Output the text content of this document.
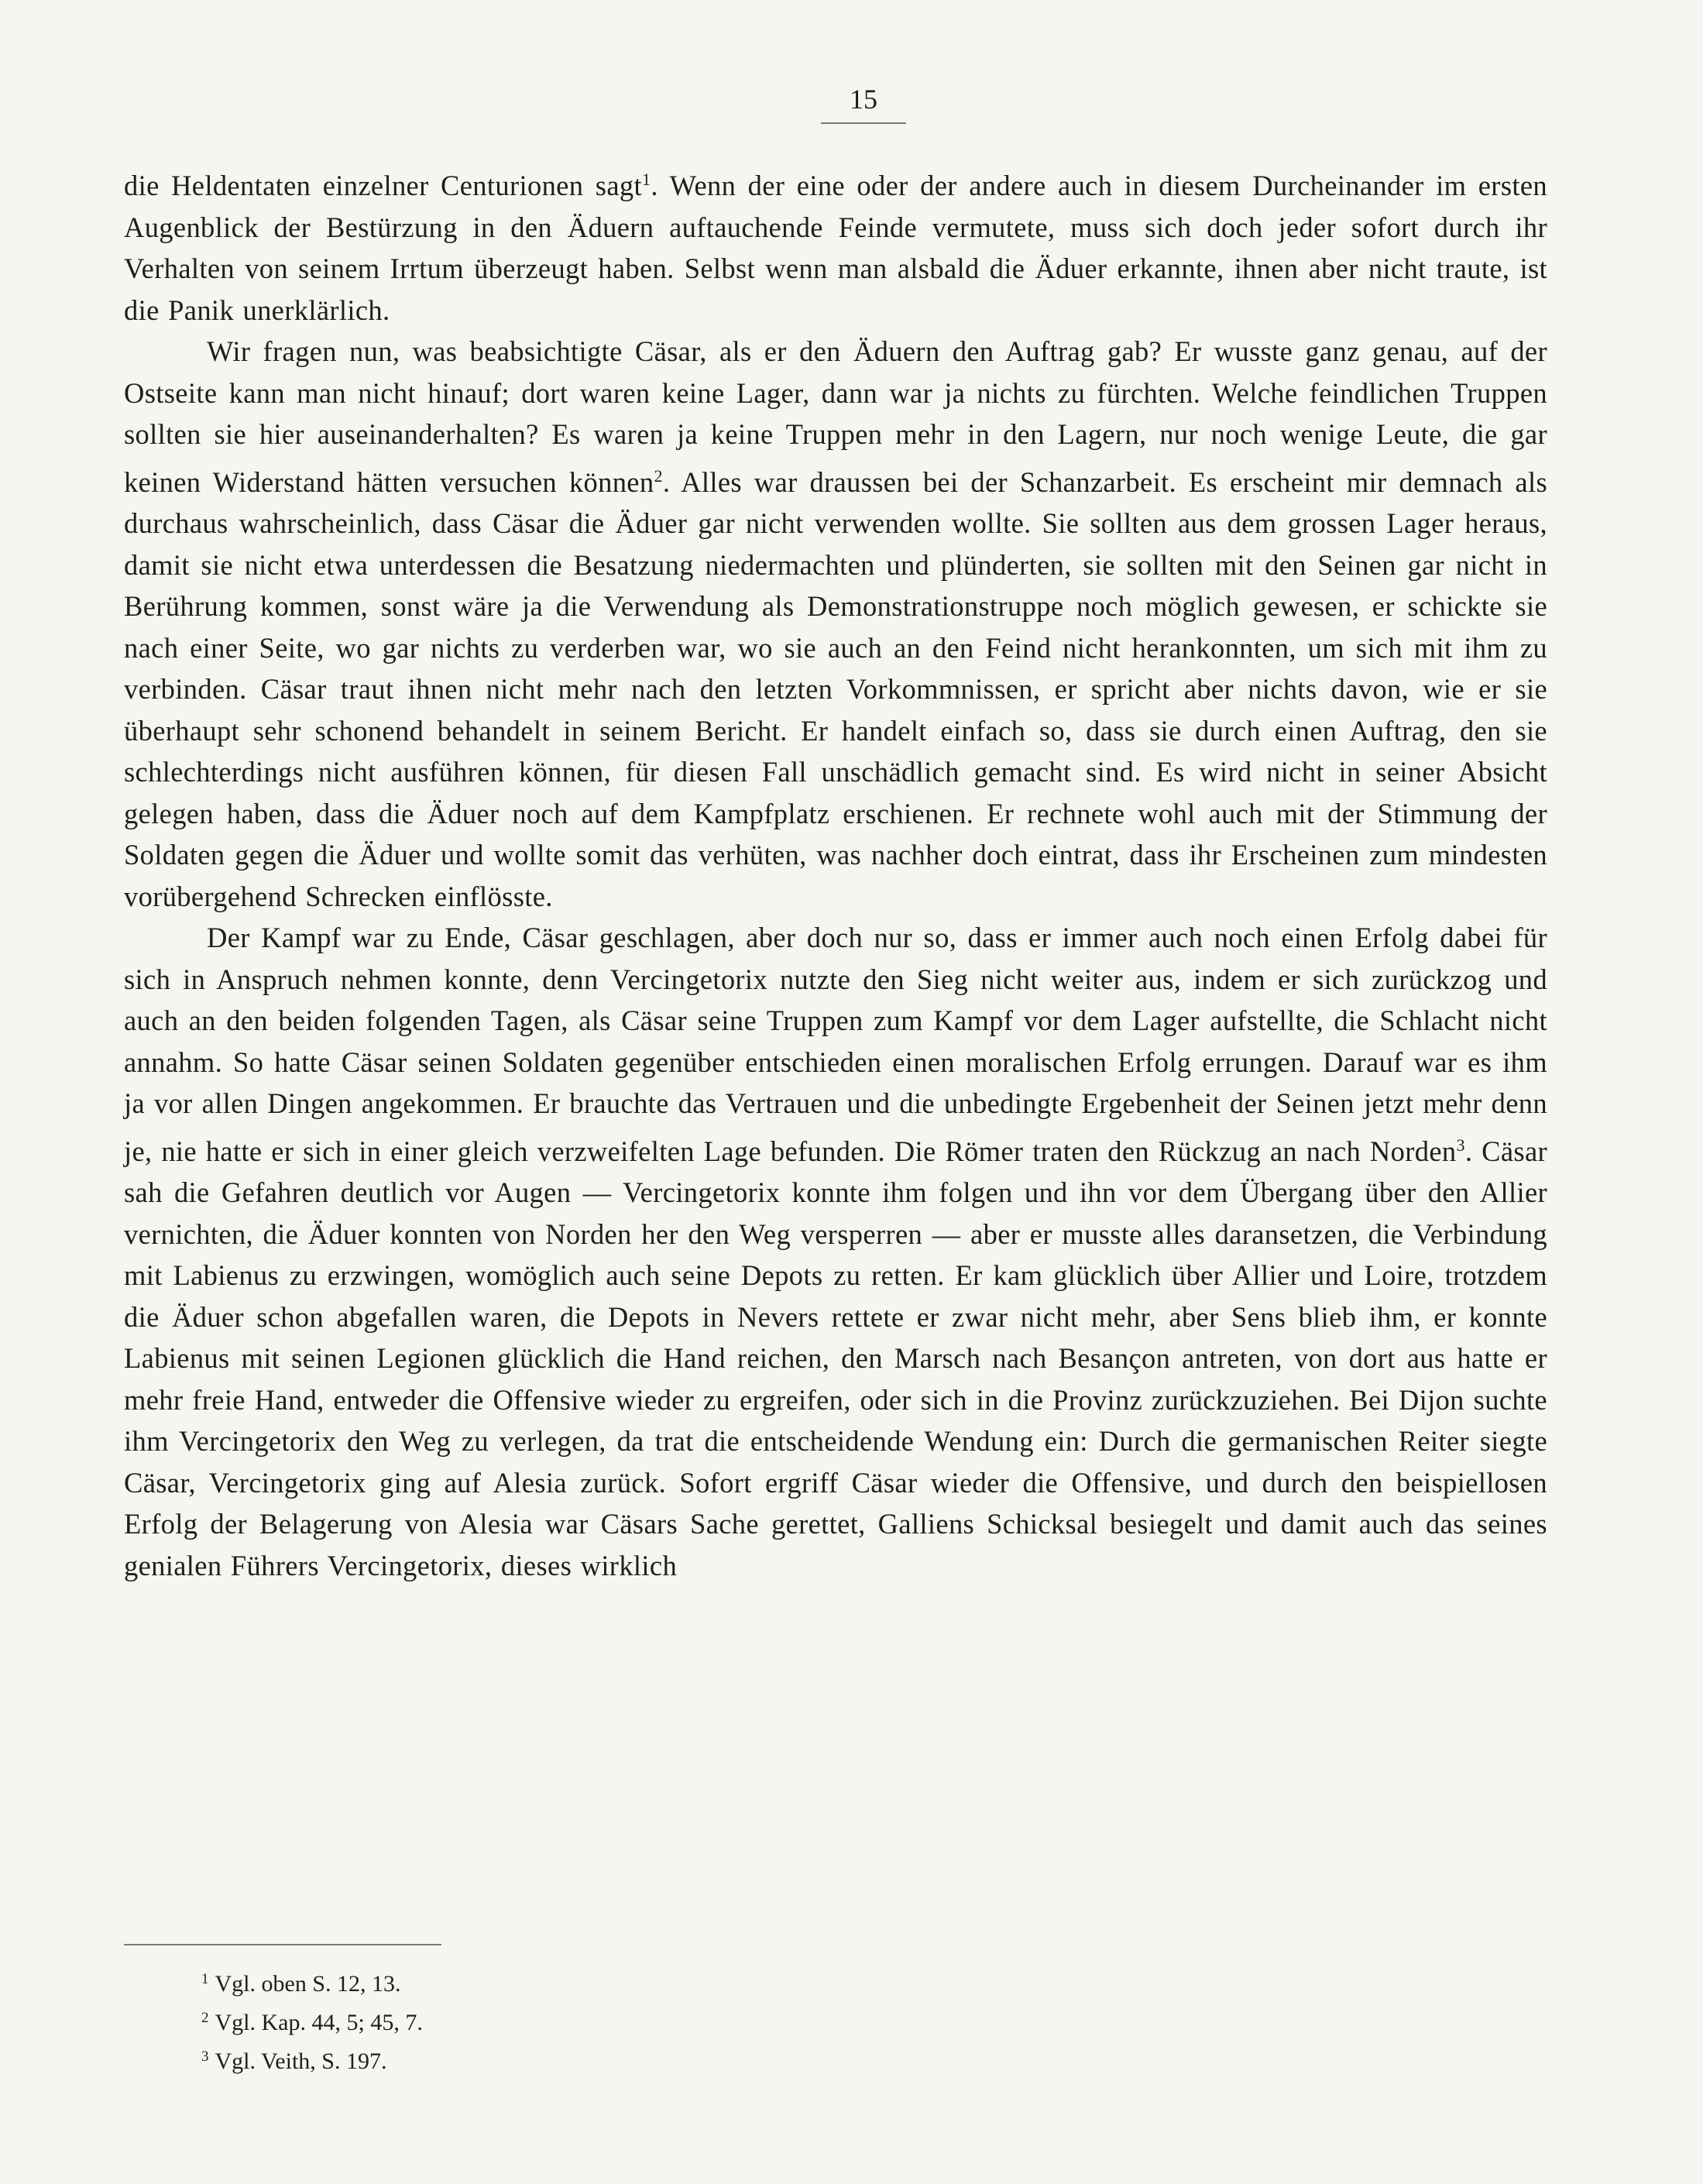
15

die Heldentaten einzelner Centurionen sagt$^1$. Wenn der eine oder der andere auch in diesem Durcheinander im ersten Augenblick der Bestürzung in den Äduern auftauchende Feinde vermutete, muss sich doch jeder sofort durch ihr Verhalten von seinem Irrtum überzeugt haben. Selbst wenn man alsbald die Äduer erkannte, ihnen aber nicht traute, ist die Panik unerklärlich.

Wir fragen nun, was beabsichtigte Cäsar, als er den Äduern den Auftrag gab? Er wusste ganz genau, auf der Ostseite kann man nicht hinauf; dort waren keine Lager, dann war ja nichts zu fürchten. Welche feindlichen Truppen sollten sie hier auseinanderhalten? Es waren ja keine Truppen mehr in den Lagern, nur noch wenige Leute, die gar keinen Widerstand hätten versuchen können$^2$. Alles war draussen bei der Schanzarbeit. Es erscheint mir demnach als durchaus wahrscheinlich, dass Cäsar die Äduer gar nicht verwenden wollte. Sie sollten aus dem grossen Lager heraus, damit sie nicht etwa unterdessen die Besatzung niedermachten und plünderten, sie sollten mit den Seinen gar nicht in Berührung kommen, sonst wäre ja die Verwendung als Demonstrationstruppe noch möglich gewesen, er schickte sie nach einer Seite, wo gar nichts zu verderben war, wo sie auch an den Feind nicht herankonnten, um sich mit ihm zu verbinden. Cäsar traut ihnen nicht mehr nach den letzten Vorkommnissen, er spricht aber nichts davon, wie er sie überhaupt sehr schonend behandelt in seinem Bericht. Er handelt einfach so, dass sie durch einen Auftrag, den sie schlechterdings nicht ausführen können, für diesen Fall unschädlich gemacht sind. Es wird nicht in seiner Absicht gelegen haben, dass die Äduer noch auf dem Kampfplatz erschienen. Er rechnete wohl auch mit der Stimmung der Soldaten gegen die Äduer und wollte somit das verhüten, was nachher doch eintrat, dass ihr Erscheinen zum mindesten vorübergehend Schrecken einflösste.

Der Kampf war zu Ende, Cäsar geschlagen, aber doch nur so, dass er immer auch noch einen Erfolg dabei für sich in Anspruch nehmen konnte, denn Vercingetorix nutzte den Sieg nicht weiter aus, indem er sich zurückzog und auch an den beiden folgenden Tagen, als Cäsar seine Truppen zum Kampf vor dem Lager aufstellte, die Schlacht nicht annahm. So hatte Cäsar seinen Soldaten gegenüber entschieden einen moralischen Erfolg errungen. Darauf war es ihm ja vor allen Dingen angekommen. Er brauchte das Vertrauen und die unbedingte Ergebenheit der Seinen jetzt mehr denn je, nie hatte er sich in einer gleich verzweifelten Lage befunden. Die Römer traten den Rückzug an nach Norden$^3$. Cäsar sah die Gefahren deutlich vor Augen — Vercingetorix konnte ihm folgen und ihn vor dem Übergang über den Allier vernichten, die Äduer konnten von Norden her den Weg versperren — aber er musste alles daransetzen, die Verbindung mit Labienus zu erzwingen, womöglich auch seine Depots zu retten. Er kam glücklich über Allier und Loire, trotzdem die Äduer schon abgefallen waren, die Depots in Nevers rettete er zwar nicht mehr, aber Sens blieb ihm, er konnte Labienus mit seinen Legionen glücklich die Hand reichen, den Marsch nach Besançon antreten, von dort aus hatte er mehr freie Hand, entweder die Offensive wieder zu ergreifen, oder sich in die Provinz zurückzuziehen. Bei Dijon suchte ihm Vercingetorix den Weg zu verlegen, da trat die entscheidende Wendung ein: Durch die germanischen Reiter siegte Cäsar, Vercingetorix ging auf Alesia zurück. Sofort ergriff Cäsar wieder die Offensive, und durch den beispiellosen Erfolg der Belagerung von Alesia war Cäsars Sache gerettet, Galliens Schicksal besiegelt und damit auch das seines genialen Führers Vercingetorix, dieses wirklich

$^1$ Vgl. oben S. 12, 13.
$^2$ Vgl. Kap. 44, 5; 45, 7.
$^3$ Vgl. Veith, S. 197.
